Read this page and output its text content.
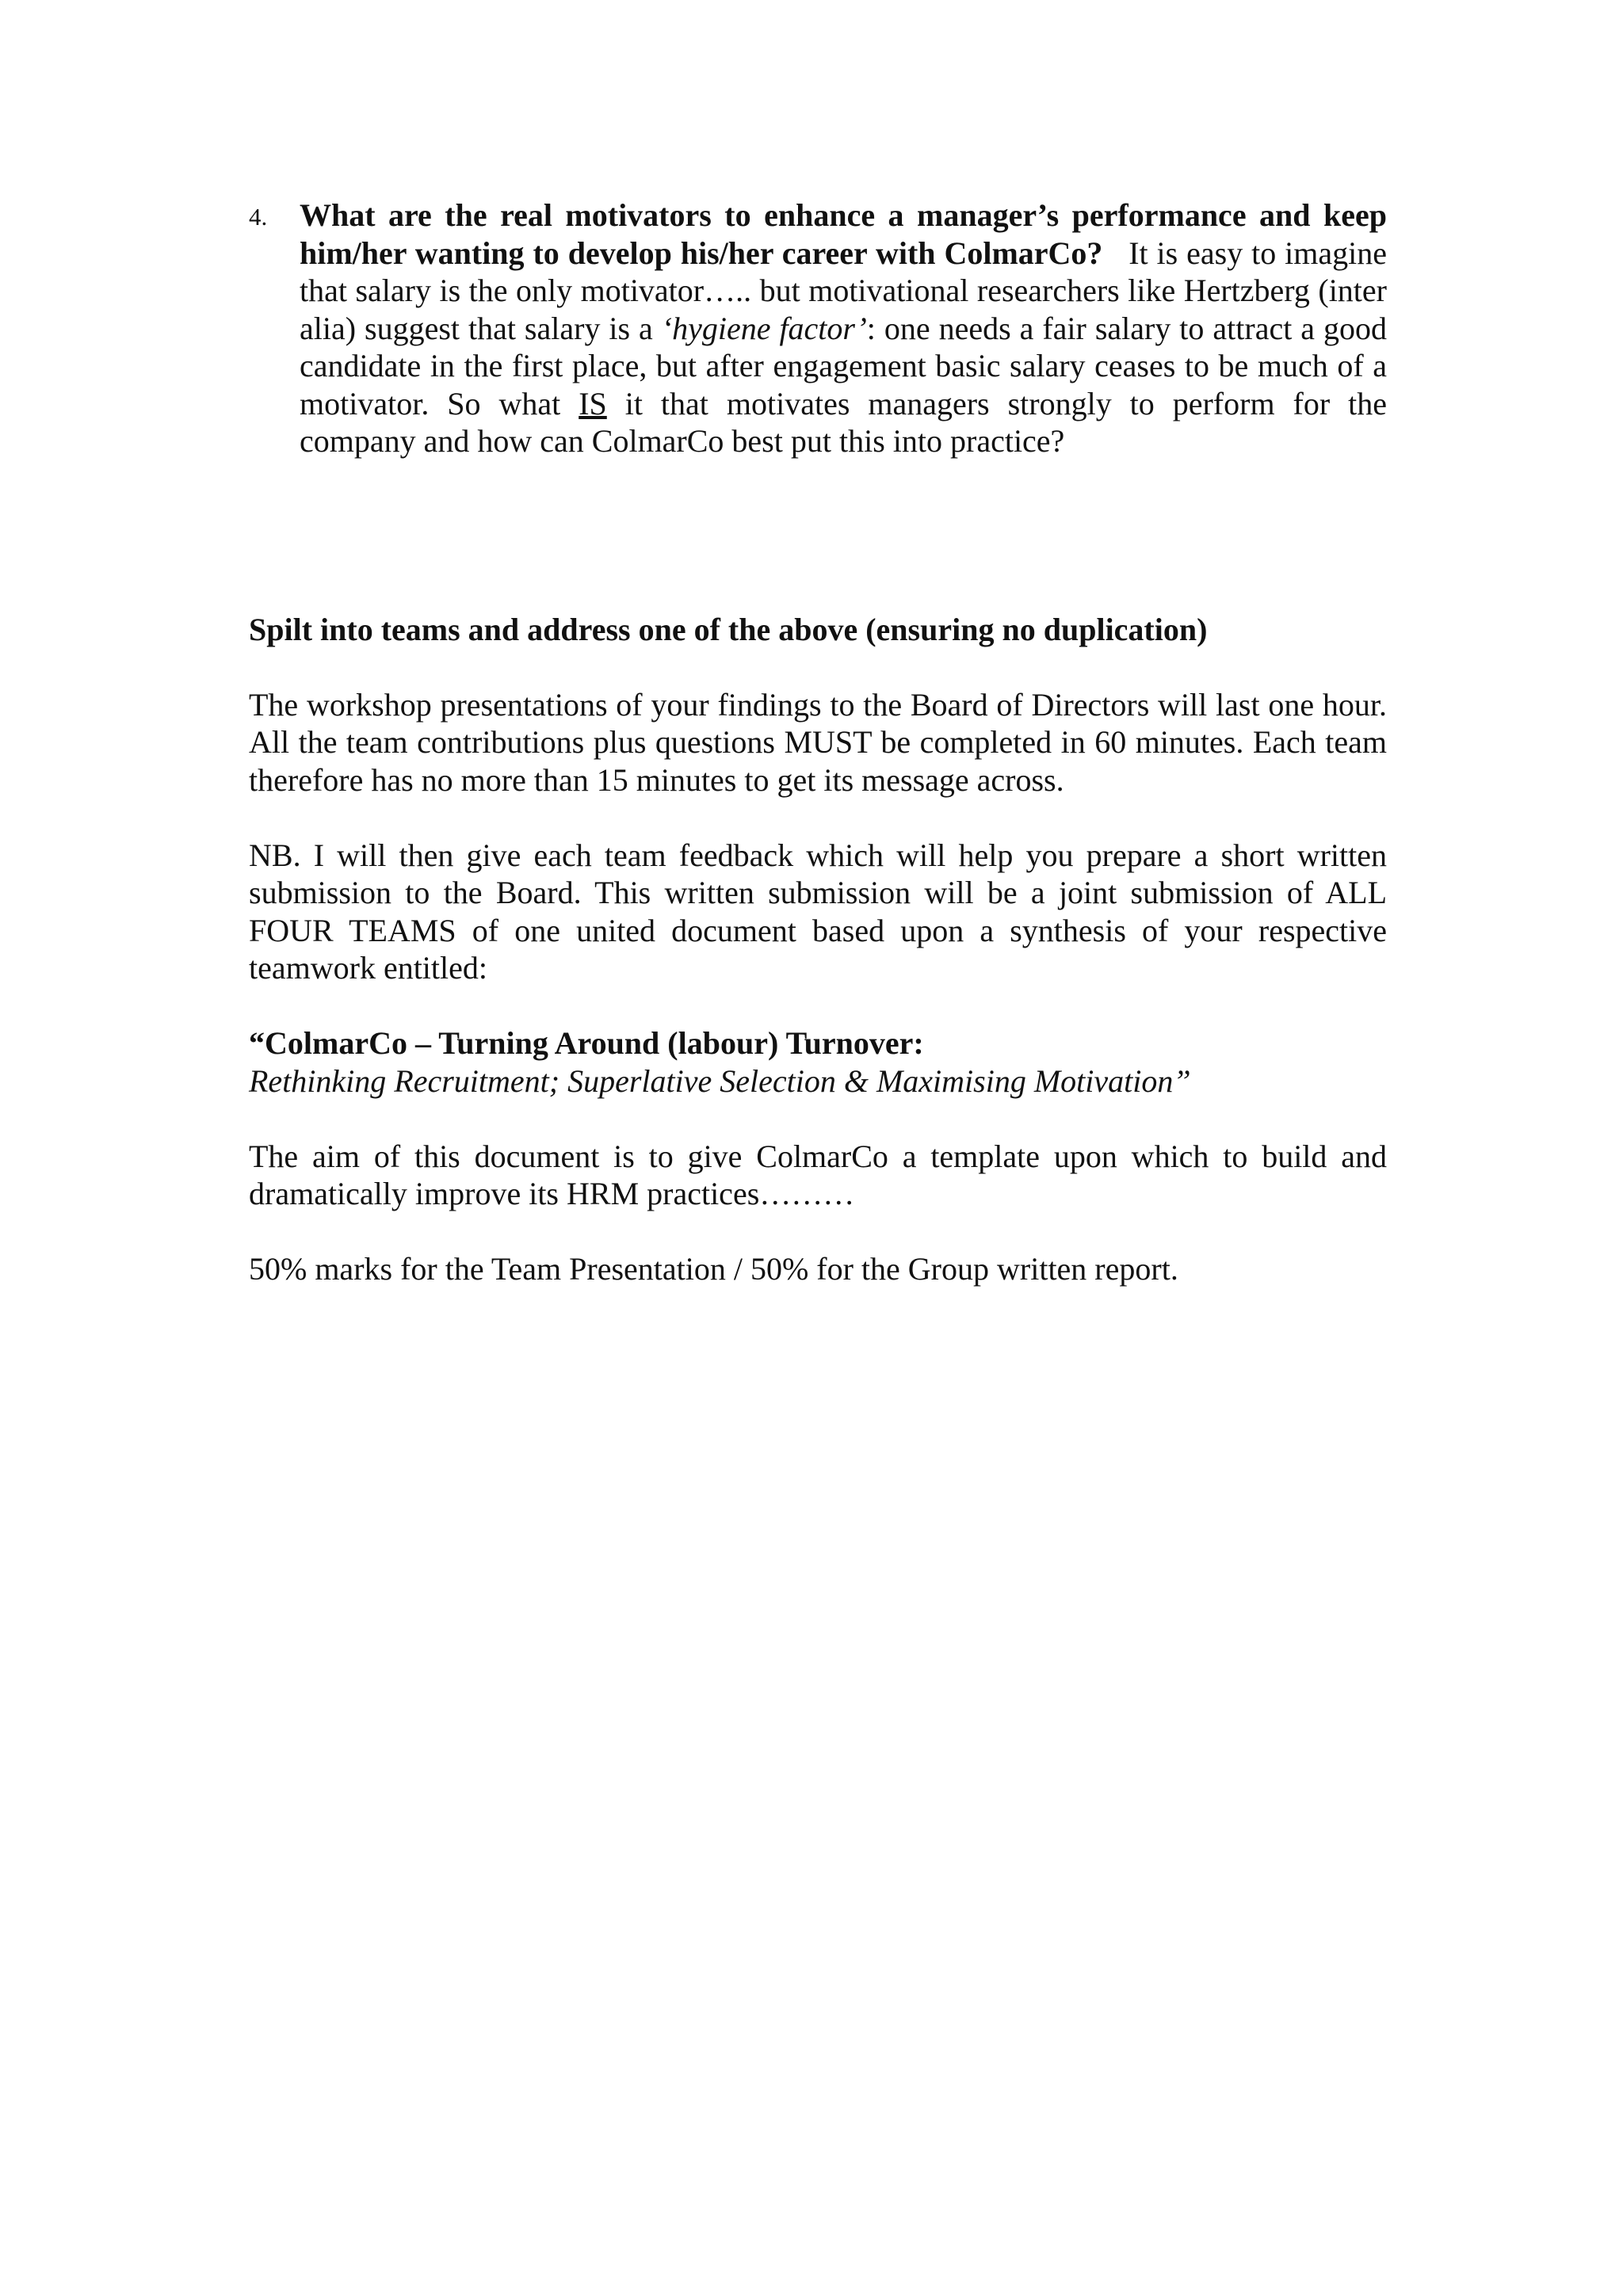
4. What are the real motivators to enhance a manager’s performance and keep him/her wanting to develop his/her career with ColmarCo? It is easy to imagine that salary is the only motivator….. but motivational researchers like Hertzberg (inter alia) suggest that salary is a ‘hygiene factor’: one needs a fair salary to attract a good candidate in the first place, but after engagement basic salary ceases to be much of a motivator. So what IS it that motivates managers strongly to perform for the company and how can ColmarCo best put this into practice?

Spilt into teams and address one of the above (ensuring no duplication)

The workshop presentations of your findings to the Board of Directors will last one hour. All the team contributions plus questions MUST be completed in 60 minutes. Each team therefore has no more than 15 minutes to get its message across.

NB. I will then give each team feedback which will help you prepare a short written submission to the Board. This written submission will be a joint submission of ALL FOUR TEAMS of one united document based upon a synthesis of your respective teamwork entitled:

“ColmarCo – Turning Around (labour) Turnover:

Rethinking Recruitment; Superlative Selection & Maximising Motivation”

The aim of this document is to give ColmarCo a template upon which to build and dramatically improve its HRM practices………

50% marks for the Team Presentation / 50% for the Group written report.
